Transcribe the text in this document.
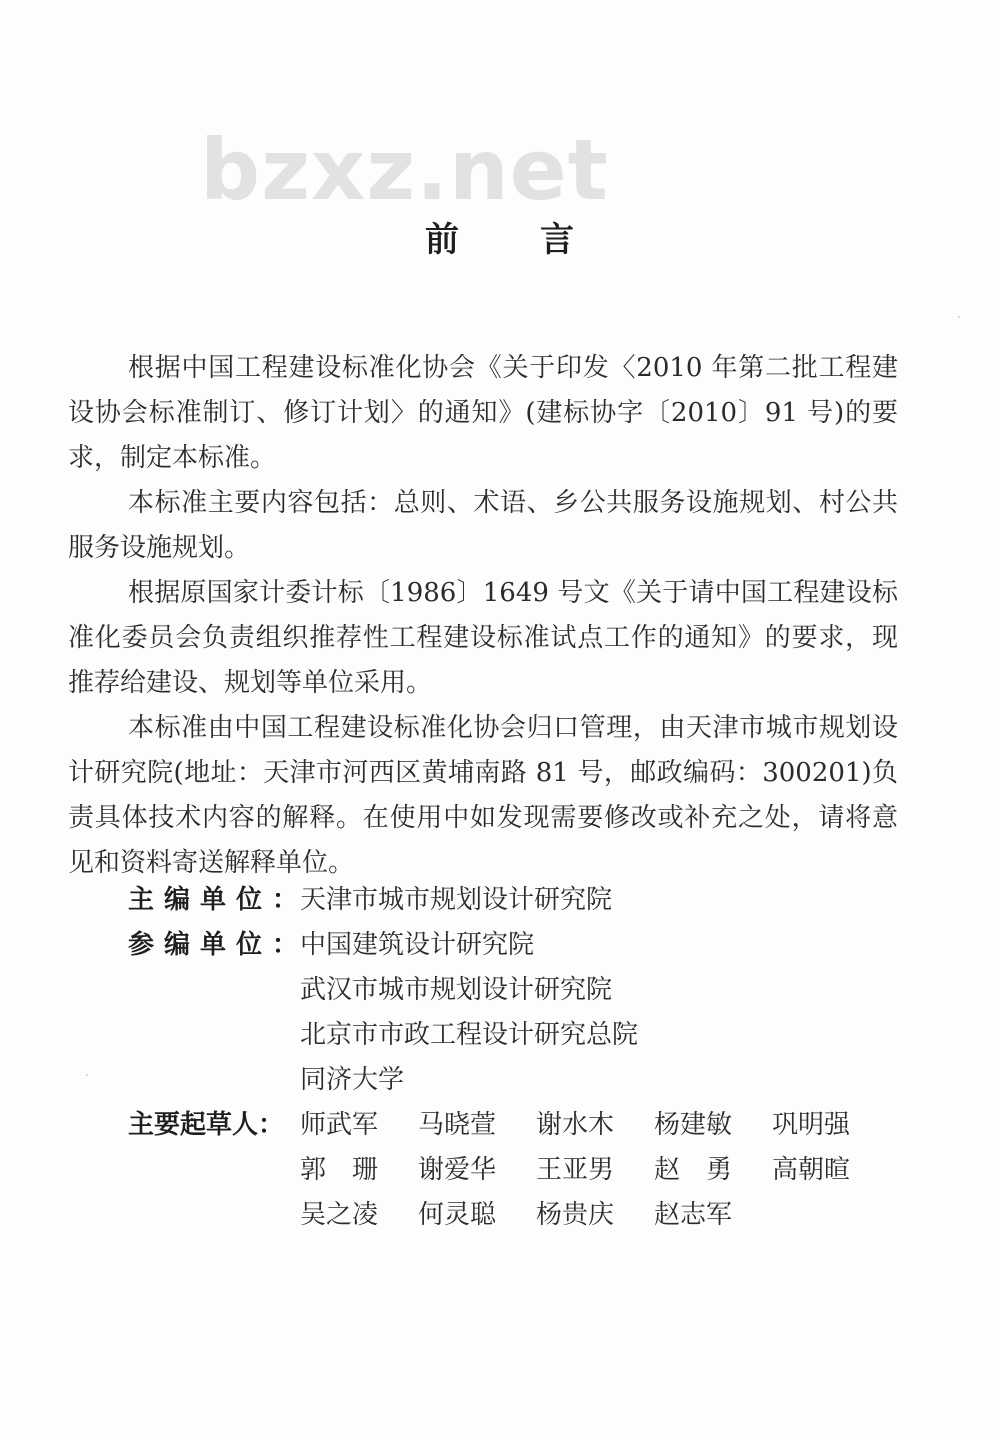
bzxz.net
前 言

根据中国工程建设标准化协会《关于印发〈2010 年第二批工程建设协会标准制订、修订计划〉的通知》(建标协字〔2010〕91 号)的要求，制定本标准。

本标准主要内容包括：总则、术语、乡公共服务设施规划、村公共服务设施规划。

根据原国家计委计标〔1986〕1649 号文《关于请中国工程建设标准化委员会负责组织推荐性工程建设标准试点工作的通知》的要求，现推荐给建设、规划等单位采用。

本标准由中国工程建设标准化协会归口管理，由天津市城市规划设计研究院(地址：天津市河西区黄埔南路 81 号，邮政编码：300201)负责具体技术内容的解释。在使用中如发现需要修改或补充之处，请将意见和资料寄送解释单位。

主编单位：
天津市城市规划设计研究院
参编单位：
中国建筑设计研究院
武汉市城市规划设计研究院
北京市市政工程设计研究总院
同济大学
主要起草人： 师武军	马晓萱	谢水木	杨建敏	巩明强
郭　珊	谢爱华	王亚男	赵　勇	高朝暄
吴之凌	何灵聪	杨贵庆	赵志军
